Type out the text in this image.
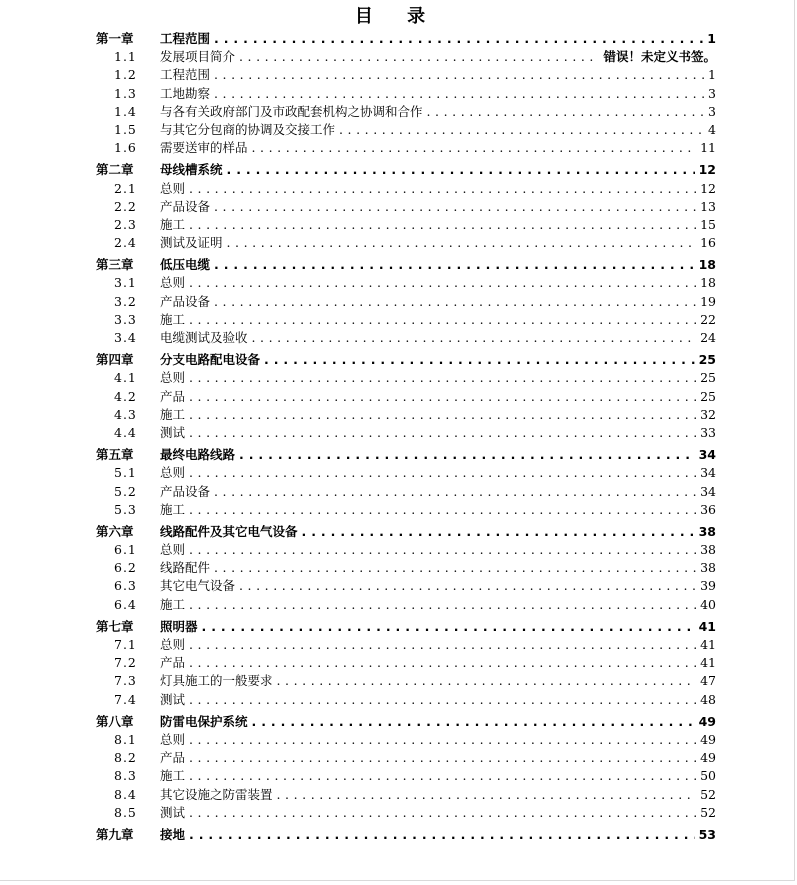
目 录
第一章 工程范围 . . .	1
1.1 发展项目简介 . . .	错误！未定义书签。
1.2 工程范围 . . .	1
1.3 工地勘察 . . .	3
1.4 与各有关政府部门及市政配套机构之协调和合作 . . .	3
1.5 与其它分包商的协调及交接工作 . . .	4
1.6 需要送审的样品 . . .	11
第二章 母线槽系统 . . .	12
2.1 总则 . . .	12
2.2 产品设备 . . .	13
2.3 施工 . . .	15
2.4 测试及证明 . . .	16
第三章 低压电缆 . . .	18
3.1 总则 . . .	18
3.2 产品设备 . . .	19
3.3 施工 . . .	22
3.4 电缆测试及验收 . . .	24
第四章 分支电路配电设备 . . .	25
4.1 总则 . . .	25
4.2 产品 . . .	25
4.3 施工 . . .	32
4.4 测试 . . .	33
第五章 最终电路线路 . . .	34
5.1 总则 . . .	34
5.2 产品设备 . . .	34
5.3 施工 . . .	36
第六章 线路配件及其它电气设备 . . .	38
6.1 总则 . . .	38
6.2 线路配件 . . .	38
6.3 其它电气设备 . . .	39
6.4 施工 . . .	40
第七章 照明器 . . .	41
7.1 总则 . . .	41
7.2 产品 . . .	41
7.3 灯具施工的一般要求 . . .	47
7.4 测试 . . .	48
第八章 防雷电保护系统 . . .	49
8.1 总则 . . .	49
8.2 产品 . . .	49
8.3 施工 . . .	50
8.4 其它设施之防雷装置 . . .	52
8.5 测试 . . .	52
第九章 接地 . . .	53
